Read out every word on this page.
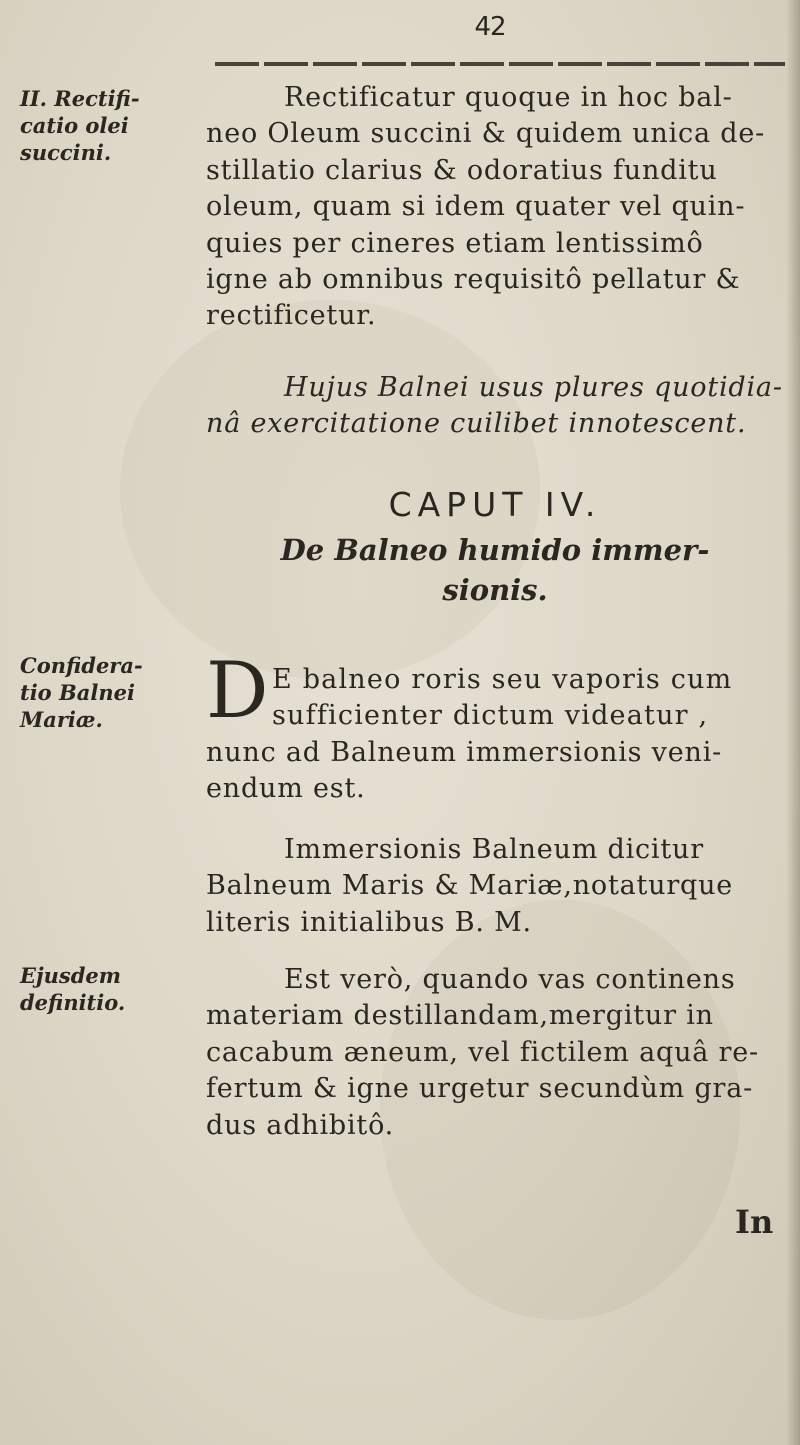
42
II. Rectifi-
catio olei
succini.
Confidera-
tio Balnei
Mariæ.
Ejusdem
definitio.
Rectificatur quoque in hoc bal-
neo Oleum succini & quidem unica de-
stillatio clarius & odoratius funditu
oleum, quam si idem quater vel quin-
quies per cineres etiam lentissimô
igne ab omnibus requisitô pellatur &
rectificetur.
Hujus Balnei usus plures quotidia-
nâ exercitatione cuilibet innotescent.
CAPUT IV.
De Balneo humido immer-
sionis.
D E balneo roris seu vaporis cum
sufficienter dictum videatur ,
nunc ad Balneum immersionis veni-
endum est.
Immersionis Balneum dicitur
Balneum Maris & Mariæ,notaturque
literis initialibus B. M.
Est verò, quando vas continens
materiam destillandam,mergitur in
cacabum æneum, vel fictilem aquâ re-
fertum & igne urgetur secundùm gra-
dus adhibitô.
In
